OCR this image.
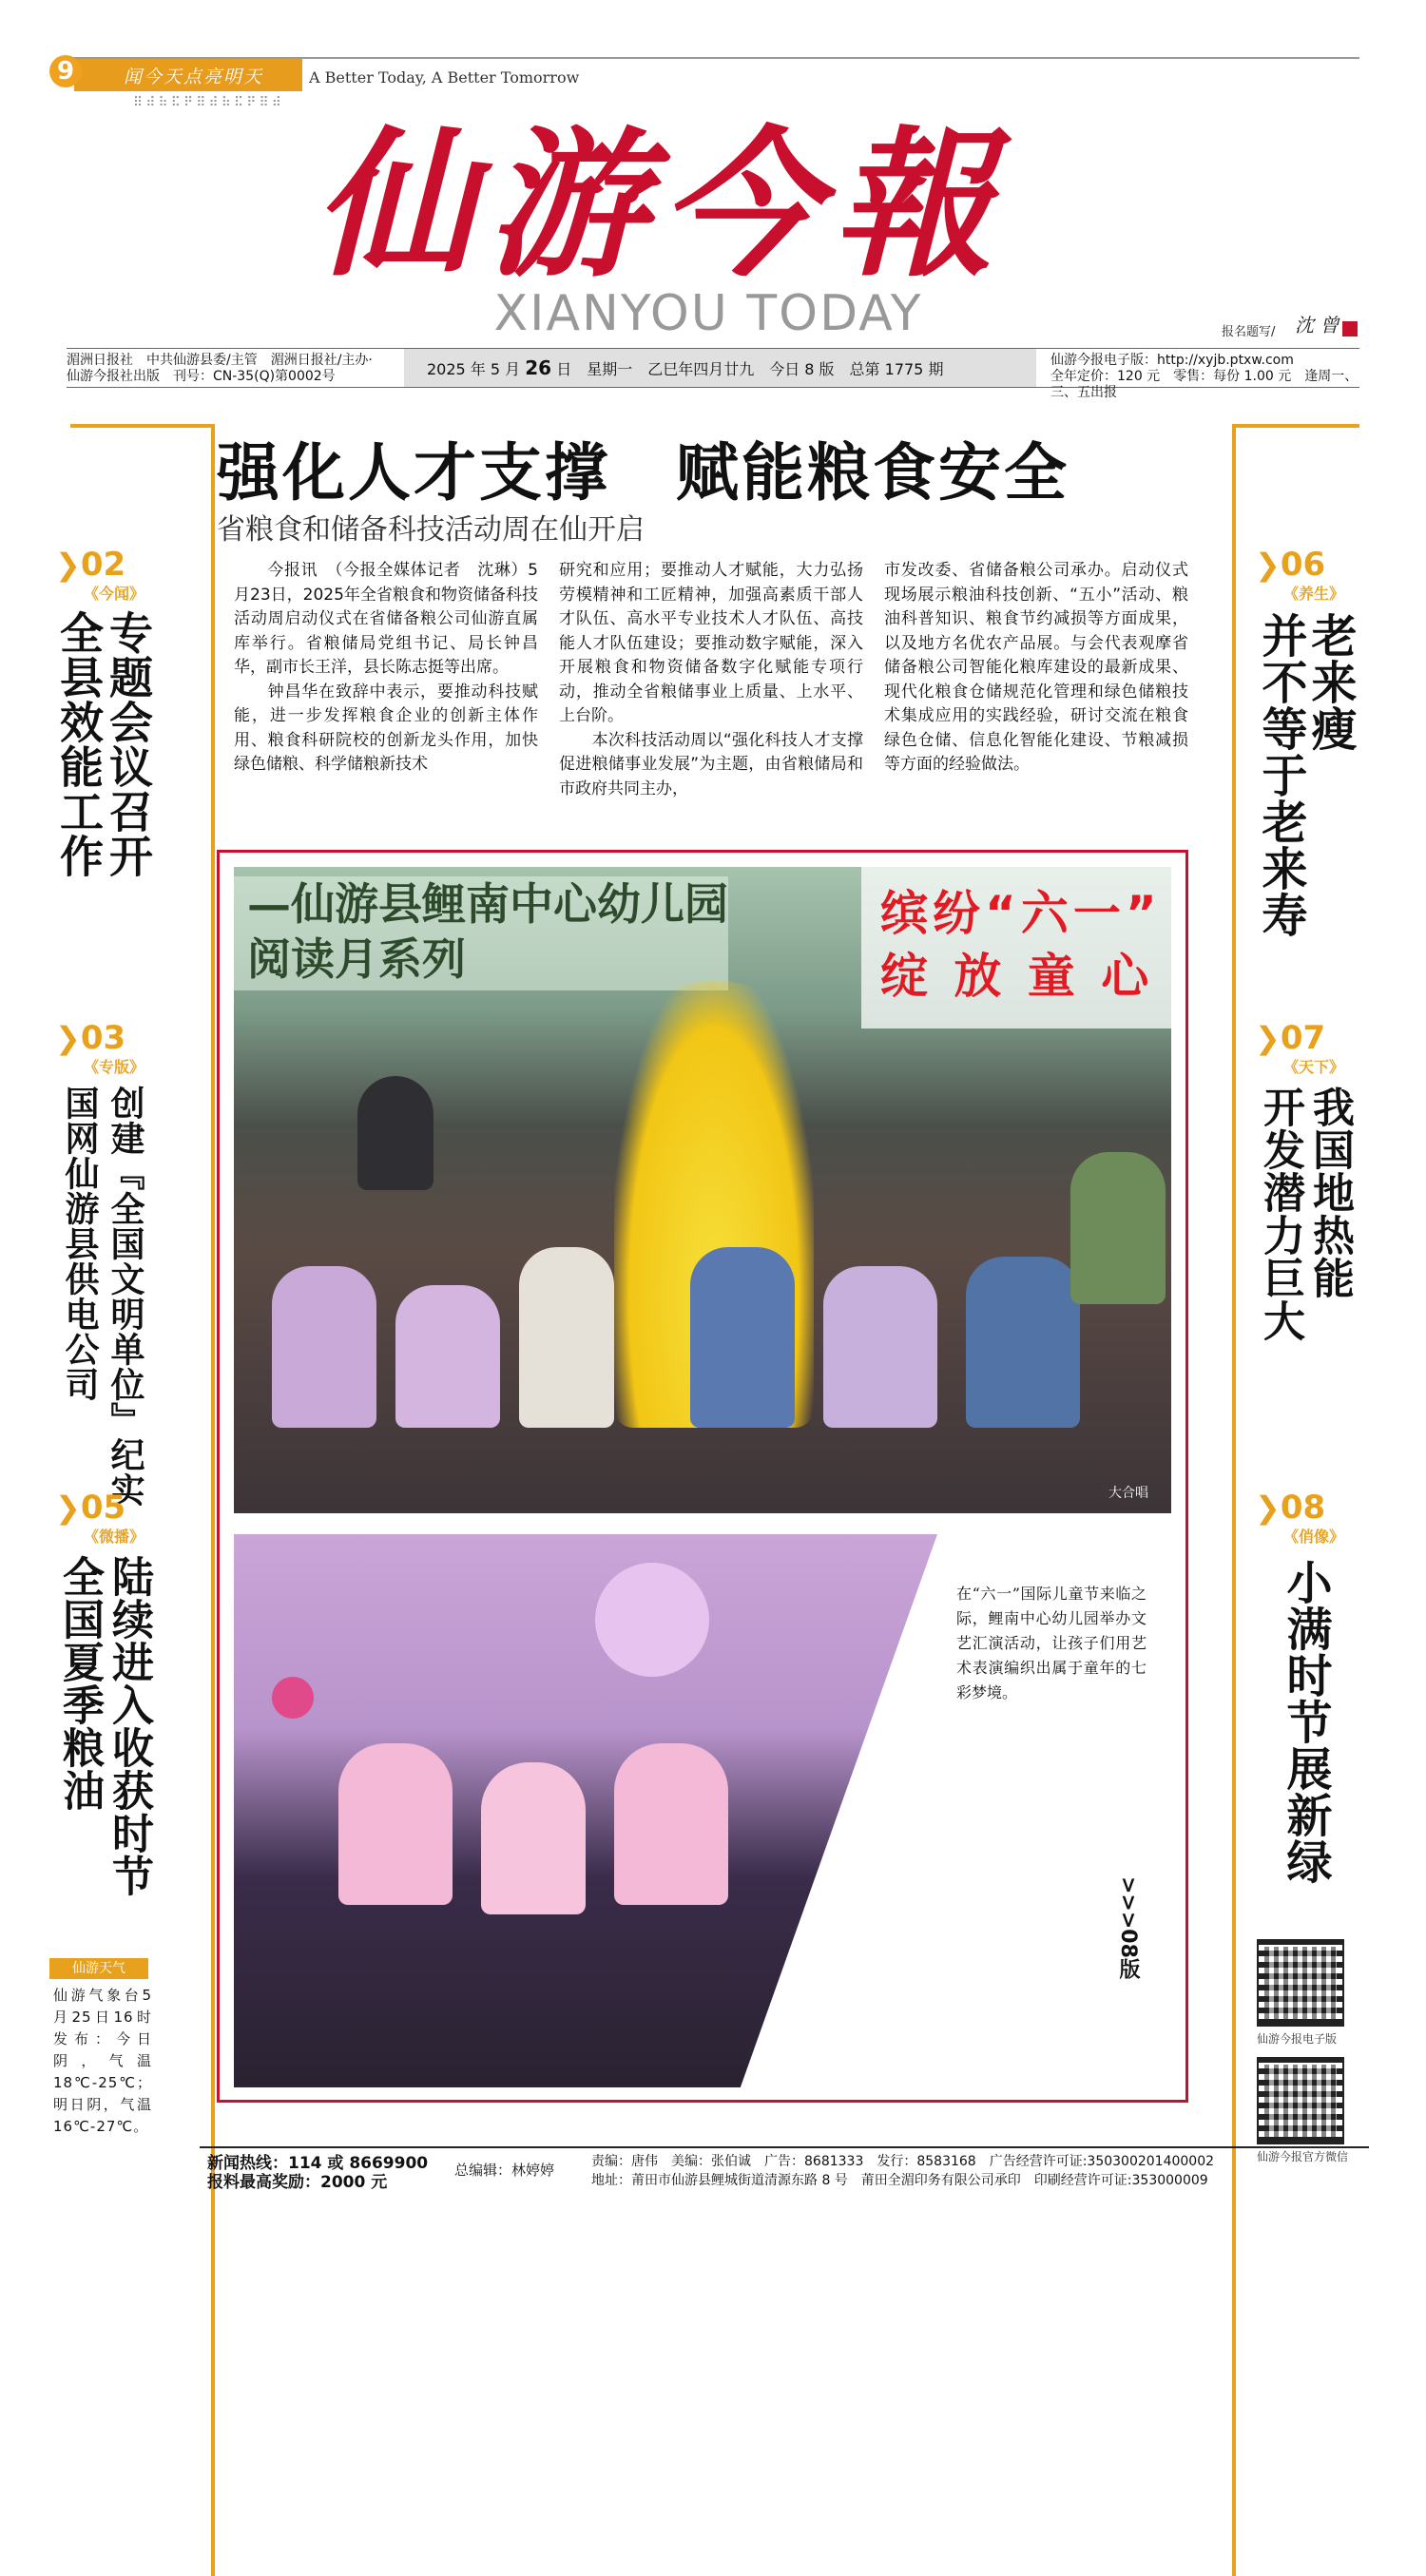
9	闻今天点亮明天	A Better Today, A Better Tomorrow
⠿⠾⠷⠯⠟⠿⠾⠷⠯⠟⠿⠾
仙游今報
XIANYOU TODAY	报名题写/ 沈 曾
湄洲日报社　中共仙游县委/主管　湄洲日报社/主办·
仙游今报社出版　刊号：CN-35(Q)第0002号	2025 年 5 月 26 日　星期一　乙巳年四月廿九　今日 8 版　总第 1775 期	仙游今报电子版：http://xyjb.ptxw.com
全年定价：120 元　零售：每份 1.00 元　逢周一、三、五出报
强化人才支撑　赋能粮食安全
省粮食和储备科技活动周在仙开启
　　今报讯　（今报全媒体记者　沈琳）5月23日，2025年全省粮食和物资储备科技活动周启动仪式在省储备粮公司仙游直属库举行。省粮储局党组书记、局长钟昌华，副市长王洋，县长陈志挺等出席。
　　钟昌华在致辞中表示，要推动科技赋能，进一步发挥粮食企业的创新主体作用、粮食科研院校的创新龙头作用，加快绿色储粮、科学储粮新技术
研究和应用；要推动人才赋能，大力弘扬劳模精神和工匠精神，加强高素质干部人才队伍、高水平专业技术人才队伍、高技能人才队伍建设；要推动数字赋能，深入开展粮食和物资储备数字化赋能专项行动，推动全省粮储事业上质量、上水平、上台阶。
　　本次科技活动周以“强化科技人才支撑　促进粮储事业发展”为主题，由省粮储局和市政府共同主办，
市发改委、省储备粮公司承办。启动仪式现场展示粮油科技创新、“五小”活动、粮油科普知识、粮食节约减损等方面成果，以及地方名优农产品展。与会代表观摩省储备粮公司智能化粮库建设的最新成果、现代化粮食仓储规范化管理和绿色储粮技术集成应用的实践经验，研讨交流在粮食绿色仓储、信息化智能化建设、节粮减损等方面的经验做法。
❯02
《今闻》
专题会议召开
全县效能工作
❯03
《专版》
创建『全国文明单位』纪实
国网仙游县供电公司
❯05
《微播》
陆续进入收获时节
全国夏季粮油
仙游天气
仙游气象台5月25日16时发布：今日阴，气温18℃-25℃；明日阴，气温16℃-27℃。
❯06
《养生》
老来瘦
并不等于老来寿
❯07
《天下》
我国地热能
开发潜力巨大
❯08
《俏像》
小满时节展新绿
仙游今报电子版
仙游今报官方微信
—仙游县鲤南中心幼儿园阅读月系列
缤纷“六一”
绽 放 童 心
大合唱
在“六一”国际儿童节来临之际，鲤南中心幼儿园举办文艺汇演活动，让孩子们用艺术表演编织出属于童年的七彩梦境。
>>>08版
萌娃表演
新闻热线：114 或 8669900
报料最高奖励：2000 元
总编辑：林婷婷	责编：唐伟　美编：张伯诚　广告：8681333　发行：8583168　广告经营许可证:350300201400002
地址：莆田市仙游县鲤城街道清源东路 8 号　莆田全湄印务有限公司承印　印刷经营许可证:353000009
